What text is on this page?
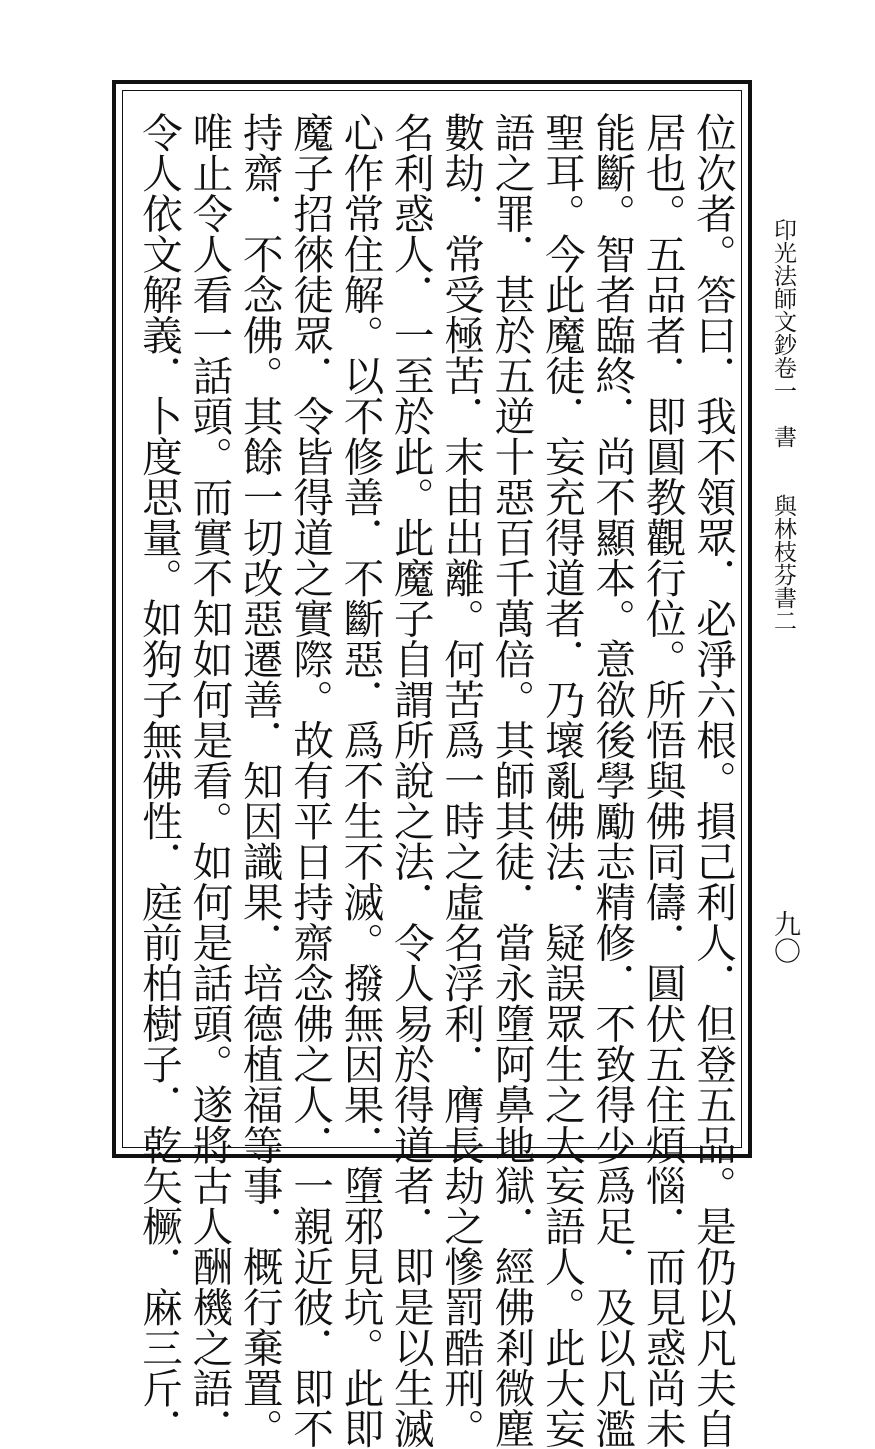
位次者。答曰．我不領眾．必淨六根。損己利人．但登五品。是仍以凡夫自
居也。五品者．即圓教觀行位。所悟與佛同儔．圓伏五住煩惱．而見惑尚未
能斷。智者臨終．尚不顯本。意欲後學勵志精修．不致得少爲足．及以凡濫
聖耳。今此魔徒．妄充得道者．乃壞亂佛法．疑誤眾生之大妄語人。此大妄
語之罪．甚於五逆十惡百千萬倍。其師其徒．當永墮阿鼻地獄．經佛剎微塵
數劫．常受極苦．末由出離。何苦爲一時之虛名浮利．膺長劫之慘罰酷刑。
名利惑人．一至於此。此魔子自謂所說之法．令人易於得道者．即是以生滅
心作常住解。以不修善．不斷惡．爲不生不滅。撥無因果．墮邪見坑。此即
魔子招徠徒眾．令皆得道之實際。故有平日持齋念佛之人．一親近彼．即不
持齋．不念佛。其餘一切改惡遷善．知因識果．培德植福等事．概行棄置。
唯止令人看一話頭。而實不知如何是看。如何是話頭。遂將古人酬機之語．
令人依文解義．卜度思量。如狗子無佛性．庭前柏樹子．乾矢橛．麻三斤．	印光法師文鈔卷一　書　　與林枝芬書二
九〇
